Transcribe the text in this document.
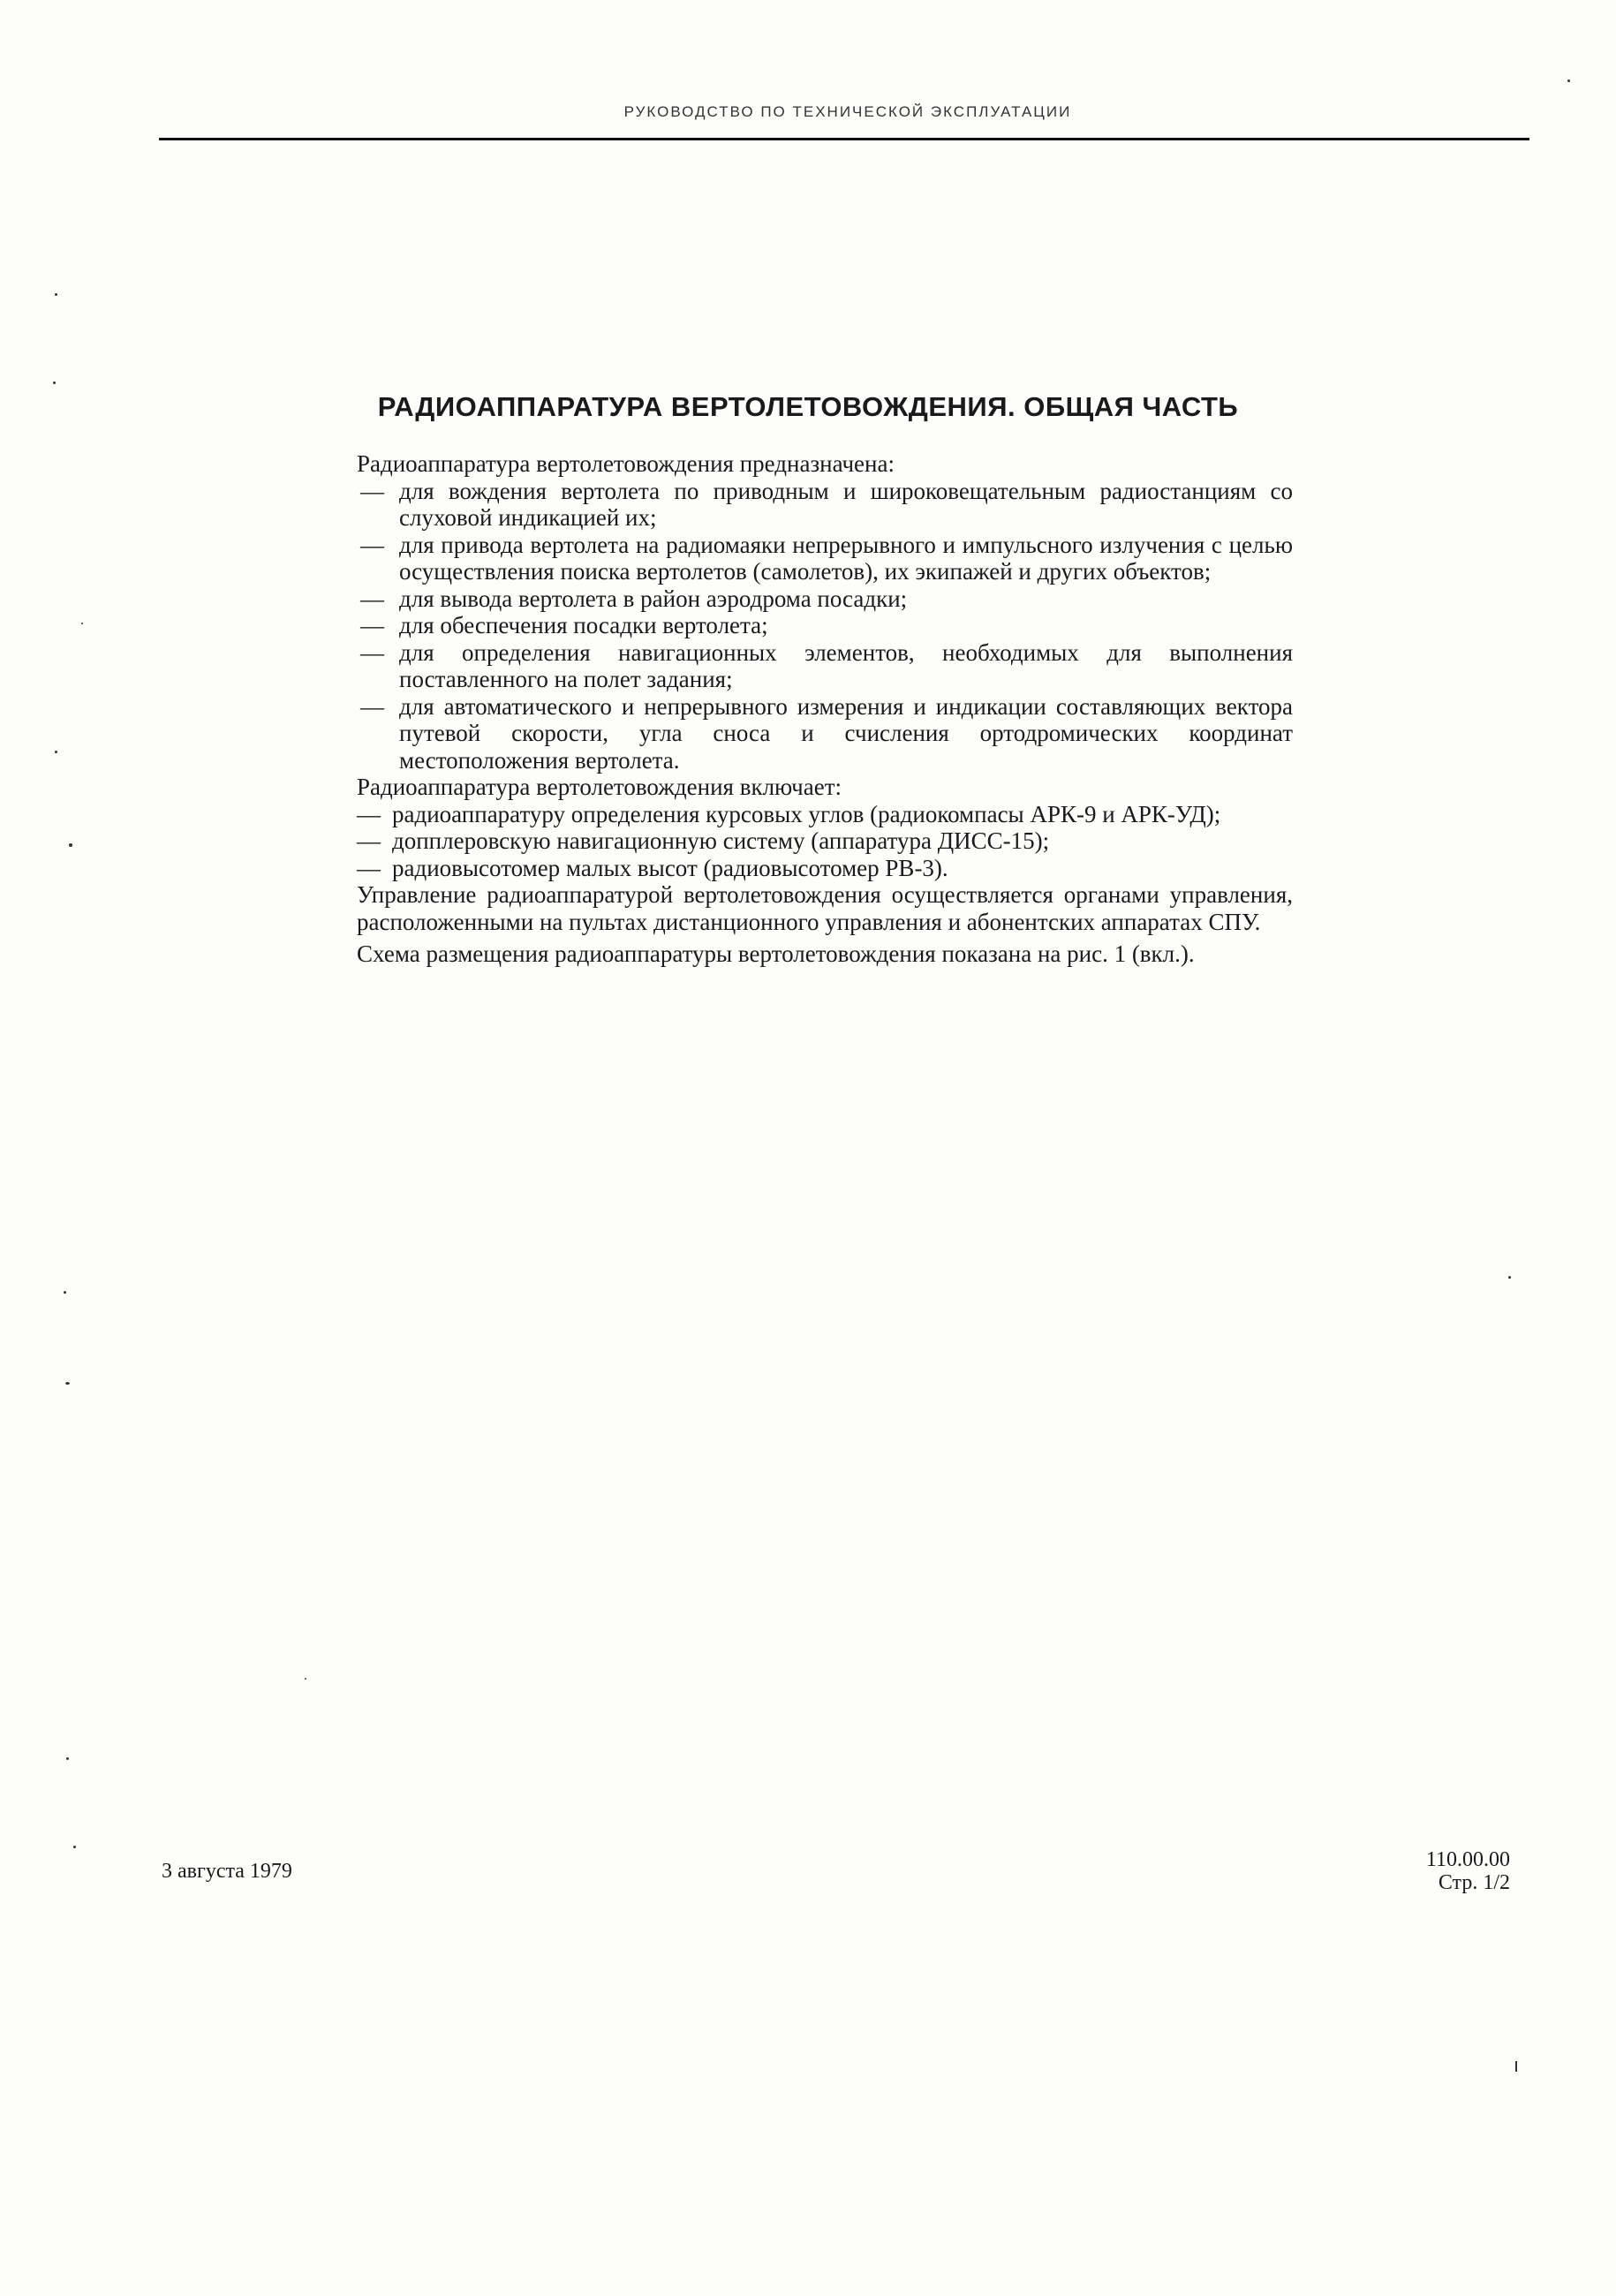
РУКОВОДСТВО ПО ТЕХНИЧЕСКОЙ ЭКСПЛУАТАЦИИ
РАДИОАППАРАТУРА ВЕРТОЛЕТОВОЖДЕНИЯ. ОБЩАЯ ЧАСТЬ

Радиоаппаратура вертолетовождения предназначена:

— для вождения вертолета по приводным и широковещательным радиостанциям со слуховой индикацией их;

— для привода вертолета на радиомаяки непрерывного и импульсного излучения с целью осуществления поиска вертолетов (самолетов), их экипажей и других объектов;

— для вывода вертолета в район аэродрома посадки;

— для обеспечения посадки вертолета;

— для определения навигационных элементов, необходимых для выполнения поставленного на полет задания;

— для автоматического и непрерывного измерения и индикации составляющих вектора путевой скорости, угла сноса и счисления ортодромических координат местоположения вертолета.

Радиоаппаратура вертолетовождения включает:

— радиоаппаратуру определения курсовых углов (радиокомпасы АРК-9 и АРК-УД);

— допплеровскую навигационную систему (аппаратура ДИСС-15);

— радиовысотомер малых высот (радиовысотомер РВ-3).

Управление радиоаппаратурой вертолетовождения осуществляется органами управления, расположенными на пультах дистанционного управления и абонентских аппаратах СПУ.

Схема размещения радиоаппаратуры вертолетовождения показана на рис. 1 (вкл.).

3 августа 1979	110.00.00
Стр. 1/2
